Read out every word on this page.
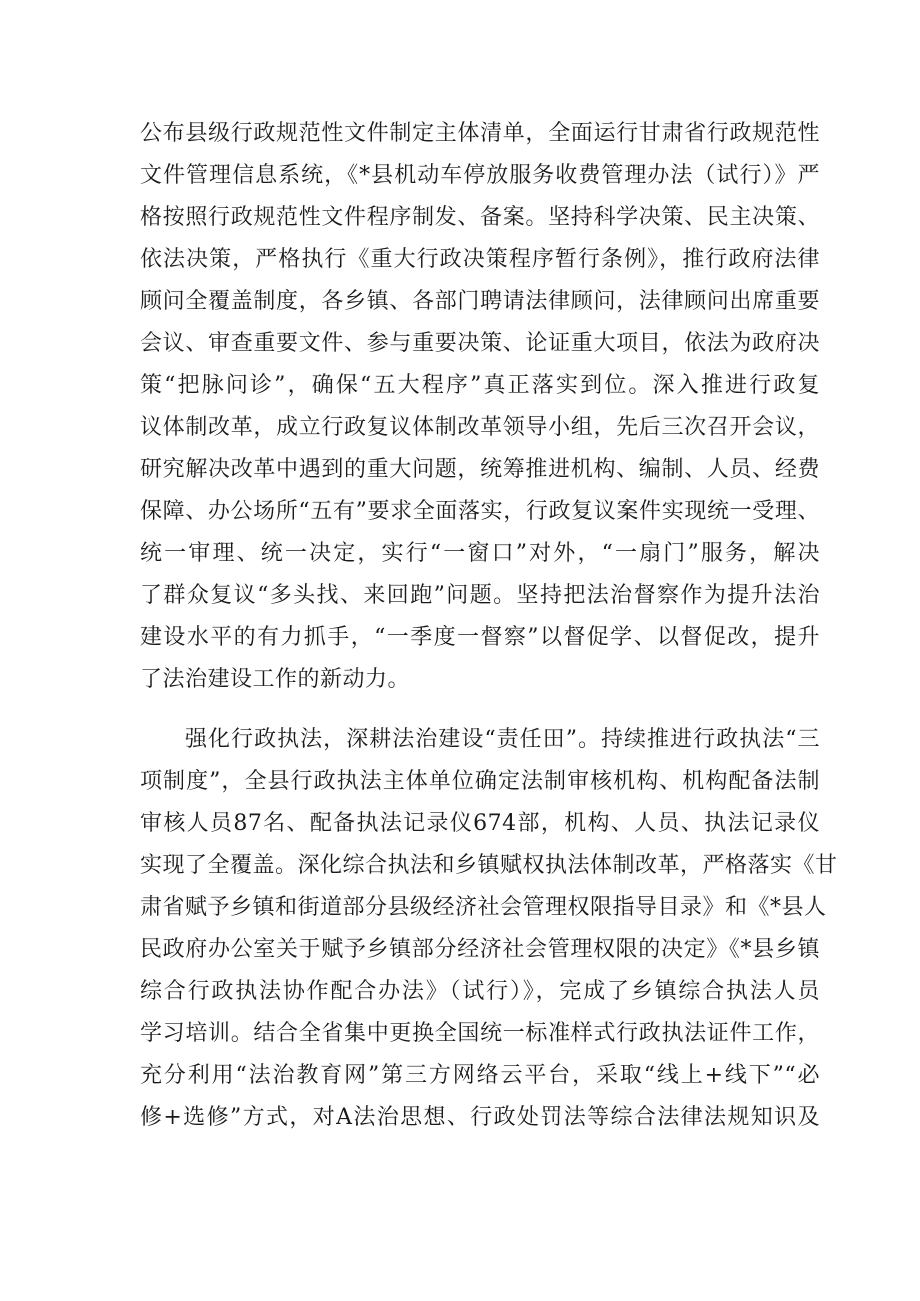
公布县级行政规范性文件制定主体清单，全面运行甘肃省行政规范性

文件管理信息系统，《*县机动车停放服务收费管理办法（试行）》严

格按照行政规范性文件程序制发、备案。坚持科学决策、民主决策、

依法决策，严格执行《重大行政决策程序暂行条例》，推行政府法律

顾问全覆盖制度，各乡镇、各部门聘请法律顾问，法律顾问出席重要

会议、审查重要文件、参与重要决策、论证重大项目，依法为政府决

策“把脉问诊”，确保“五大程序”真正落实到位。深入推进行政复

议体制改革，成立行政复议体制改革领导小组，先后三次召开会议，

研究解决改革中遇到的重大问题，统筹推进机构、编制、人员、经费

保障、办公场所“五有”要求全面落实，行政复议案件实现统一受理、

统一审理、统一决定，实行“一窗口”对外，“一扇门”服务，解决

了群众复议“多头找、来回跑”问题。坚持把法治督察作为提升法治

建设水平的有力抓手，“一季度一督察”以督促学、以督促改，提升

了法治建设工作的新动力。

强化行政执法，深耕法治建设“责任田”。持续推进行政执法“三

项制度”，全县行政执法主体单位确定法制审核机构、机构配备法制

审核人员87名、配备执法记录仪674部，机构、人员、执法记录仪

实现了全覆盖。深化综合执法和乡镇赋权执法体制改革，严格落实《甘

肃省赋予乡镇和街道部分县级经济社会管理权限指导目录》和《*县人

民政府办公室关于赋予乡镇部分经济社会管理权限的决定》《*县乡镇

综合行政执法协作配合办法》（试行）》，完成了乡镇综合执法人员

学习培训。结合全省集中更换全国统一标准样式行政执法证件工作，

充分利用“法治教育网”第三方网络云平台，采取“线上+线下”“必

修+选修”方式，对A法治思想、行政处罚法等综合法律法规知识及
